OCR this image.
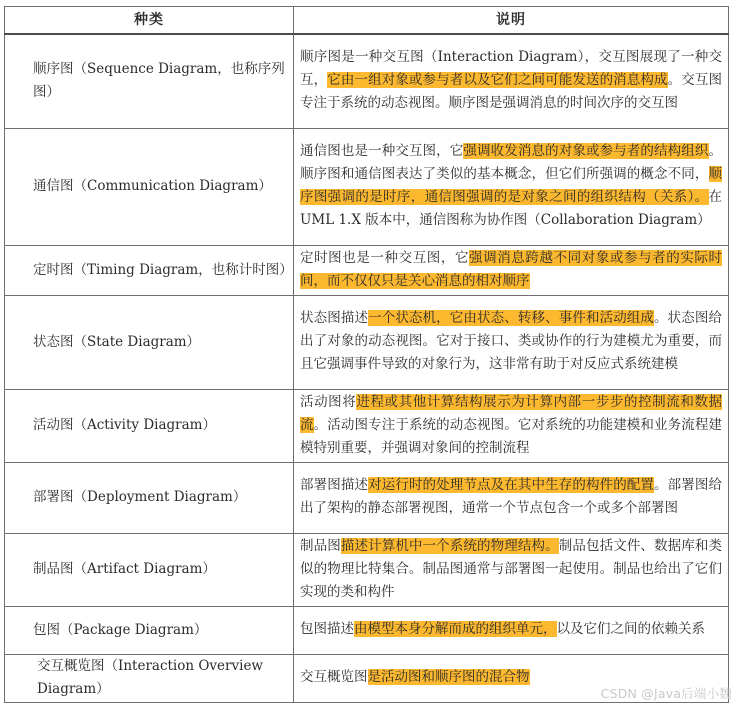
种类	说明
顺序图（Sequence Diagram，也称序列图）	顺序图是一种交互图（Interaction Diagram），交互图展现了一种交互，它由一组对象或参与者以及它们之间可能发送的消息构成。交互图专注于系统的动态视图。顺序图是强调消息的时间次序的交互图
通信图（Communication Diagram）	通信图也是一种交互图，它强调收发消息的对象或参与者的结构组织。顺序图和通信图表达了类似的基本概念，但它们所强调的概念不同，顺序图强调的是时序，通信图强调的是对象之间的组织结构（关系）。在 UML 1.X 版本中，通信图称为协作图（Collaboration Diagram）
定时图（Timing Diagram，也称计时图）	定时图也是一种交互图，它强调消息跨越不同对象或参与者的实际时间，而不仅仅只是关心消息的相对顺序
状态图（State Diagram）	状态图描述一个状态机，它由状态、转移、事件和活动组成。状态图给出了对象的动态视图。它对于接口、类或协作的行为建模尤为重要，而且它强调事件导致的对象行为，这非常有助于对反应式系统建模
活动图（Activity Diagram）	活动图将进程或其他计算结构展示为计算内部一步步的控制流和数据流。活动图专注于系统的动态视图。它对系统的功能建模和业务流程建模特别重要，并强调对象间的控制流程
部署图（Deployment Diagram）	部署图描述对运行时的处理节点及在其中生存的构件的配置。部署图给出了架构的静态部署视图，通常一个节点包含一个或多个部署图
制品图（Artifact Diagram）	制品图描述计算机中一个系统的物理结构。制品包括文件、数据库和类似的物理比特集合。制品图通常与部署图一起使用。制品也给出了它们实现的类和构件
包图（Package Diagram）	包图描述由模型本身分解而成的组织单元，以及它们之间的依赖关系
交互概览图（Interaction Overview Diagram）	交互概览图是活动图和顺序图的混合物
CSDN @Java后端小魏
